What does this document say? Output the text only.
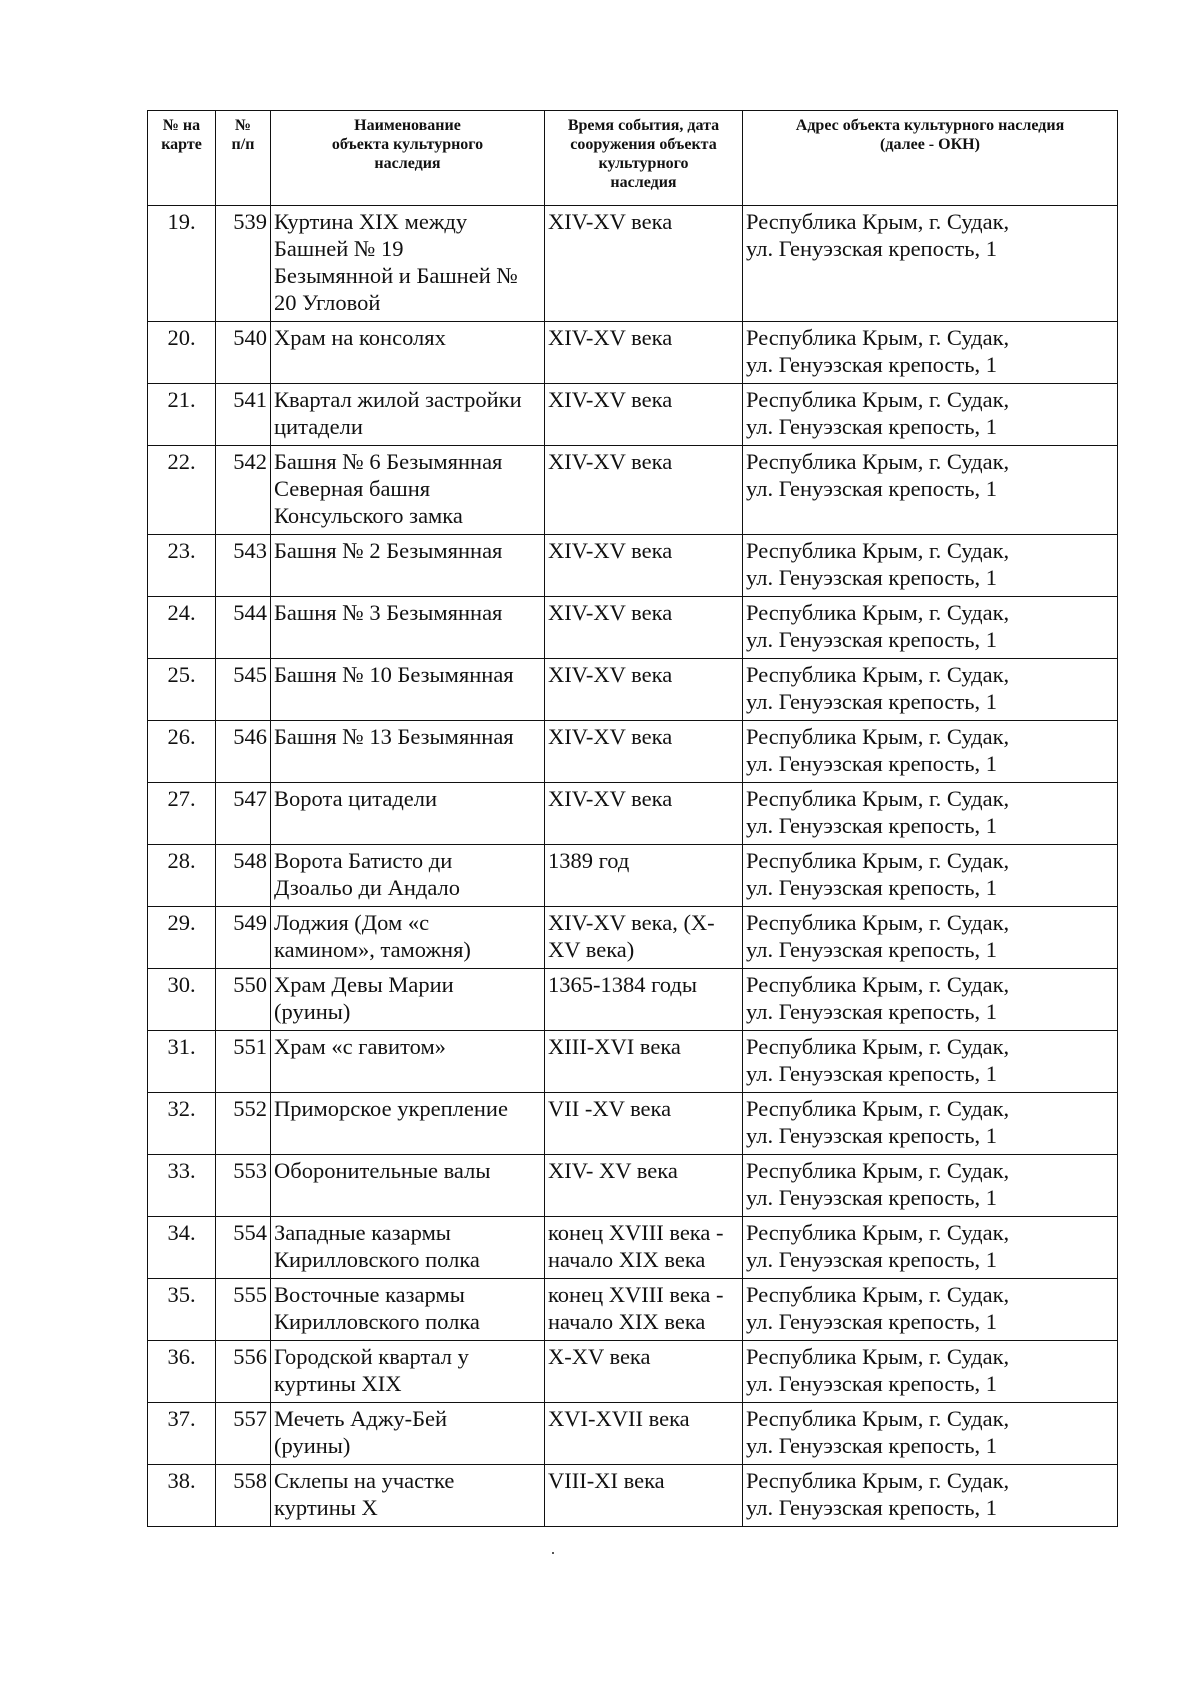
№ на
карте	№
п/п	Наименование
объекта культурного
наследия	Время события, дата
сооружения объекта
культурного
наследия	Адрес объекта культурного наследия
(далее - ОКН)

19.	539	Куртина XIX между
Башней № 19
Безымянной и Башней №
20 Угловой	XIV-XV века	Республика Крым, г. Судак,
ул. Генуэзская крепость, 1

20.	540	Храм на консолях	XIV-XV века	Республика Крым, г. Судак,
ул. Генуэзская крепость, 1

21.	541	Квартал жилой застройки
цитадели	XIV-XV века	Республика Крым, г. Судак,
ул. Генуэзская крепость, 1

22.	542	Башня № 6 Безымянная
Северная башня
Консульского замка	XIV-XV века	Республика Крым, г. Судак,
ул. Генуэзская крепость, 1

23.	543	Башня № 2 Безымянная	XIV-XV века	Республика Крым, г. Судак,
ул. Генуэзская крепость, 1

24.	544	Башня № 3 Безымянная	XIV-XV века	Республика Крым, г. Судак,
ул. Генуэзская крепость, 1

25.	545	Башня № 10 Безымянная	XIV-XV века	Республика Крым, г. Судак,
ул. Генуэзская крепость, 1

26.	546	Башня № 13 Безымянная	XIV-XV века	Республика Крым, г. Судак,
ул. Генуэзская крепость, 1

27.	547	Ворота цитадели	XIV-XV века	Республика Крым, г. Судак,
ул. Генуэзская крепость, 1

28.	548	Ворота Батисто ди
Дзоальо ди Андало	1389 год	Республика Крым, г. Судак,
ул. Генуэзская крепость, 1

29.	549	Лоджия (Дом «с
камином», таможня)	XIV-XV века, (X-
XV века)	Республика Крым, г. Судак,
ул. Генуэзская крепость, 1

30.	550	Храм Девы Марии
(руины)	1365-1384 годы	Республика Крым, г. Судак,
ул. Генуэзская крепость, 1

31.	551	Храм «с гавитом»	XIII-XVI века	Республика Крым, г. Судак,
ул. Генуэзская крепость, 1

32.	552	Приморское укрепление	VII -XV века	Республика Крым, г. Судак,
ул. Генуэзская крепость, 1

33.	553	Оборонительные валы	XIV- XV века	Республика Крым, г. Судак,
ул. Генуэзская крепость, 1

34.	554	Западные казармы
Кирилловского полка	конец XVIII века -
начало XIX века	Республика Крым, г. Судак,
ул. Генуэзская крепость, 1

35.	555	Восточные казармы
Кирилловского полка	конец XVIII века -
начало XIX века	Республика Крым, г. Судак,
ул. Генуэзская крепость, 1

36.	556	Городской квартал у
куртины XIX	X-XV века	Республика Крым, г. Судак,
ул. Генуэзская крепость, 1

37.	557	Мечеть Аджу-Бей
(руины)	XVI-XVII века	Республика Крым, г. Судак,
ул. Генуэзская крепость, 1

38.	558	Склепы на участке
куртины X	VIII-XI века	Республика Крым, г. Судак,
ул. Генуэзская крепость, 1
